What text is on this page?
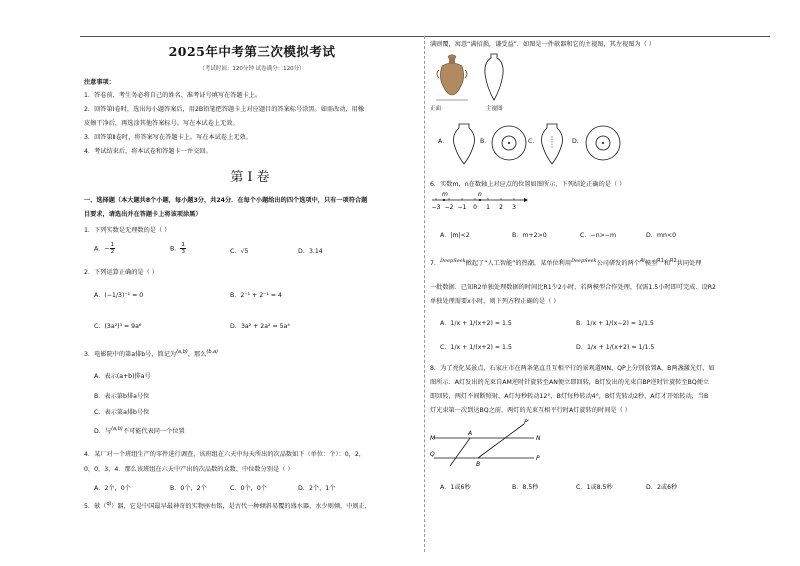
2025年中考第三次模拟考试
（考试时间：120分钟 试卷满分：120分）
注意事项：
1．答卷前，考生务必将自己的姓名、准考证号填写在答题卡上。
2．回答第Ⅰ卷时，选出每小题答案后，用2B铅笔把答题卡上对应题目的答案标号涂黑。如需改动，用橡
皮擦干净后，再选涂其他答案标号。写在本试卷上无效。
3．回答第Ⅱ卷时，将答案写在答题卡上。写在本试卷上无效。
4．考试结束后，将本试卷和答题卡一并交回。
第Ⅰ卷
一、选择题（本大题共8个小题，每小题3分，共24分．在每个小题给出的四个选项中，只有一项符合题
目要求，请选出并在答题卡上将该项涂黑）
1．下列实数是无理数的是（ ）
A．− $\frac{1}{2}$	B． $\frac{1}{3}$	C．√5	D．3.14
2．下列运算正确的是（ ）
A．(−1/3)⁻¹ = 0	B．2⁻¹ + 2⁻¹ = 4
C．(3a²)³ = 9a⁶	D．3a² + 2a² = 5a⁴
3．电影院中的第a排b号，简记为$^{(a,b)}$，那么$^{(b,a)}$
A．表示(a+b)排a号
B．表示第b排a号位
C．表示第a排b号位
D．与$^{(a,b)}$不可能代表同一个位置
4．某厂对一个班组生产的零件进行调查，该班组在六天中每天所出的次品数如下（单位：个）：0，2，
0，0，3，4．那么该班组在六天中产出的次品数的众数、中位数分别是（ ）
A．2个，0个	B．0个，2个	C．0个，0个	D．2个，1个
5．欹（$^{qī}$）器，它是中国最早最神奇的实物座右铭，是古代一种倾斜易覆的盛水器，水少则倾，中则正，
满则覆，寓意“满招损，谦受益”．如图是一件欹器和它的主视图，其左视图为（ ）
正面	主视图
A．	B．	C．	D．
6．实数m，n在数轴上对应点的位置如图所示，下列结论正确的是（ ）
−3 −2 −1 0 1 2 3
m	n
A．|m|<2	B．m+2>0	C．−n>−m	D．mn<0
7．$^{DeepSeek}$掀起了“人工智能”的热潮，某单位利用$^{DeepSeek}$公司研发的两个$^{AI}$模型$^{R1}$和$^{R2}$共同处理
一批数据．已知R2单独处理数据的时间比R1少2小时，若两模型合作处理，仅需1.5小时即可完成．设R2
单独处理需要x小时，则下列方程正确的是（ ）
A．1/x + 1/(x+2) = 1.5	B．1/x + 1/(x−2) = 1/1.5
C．1/x + 1/(x+2) = 1.5	D．1/x + 1/(x+2) = 1/1.5
8．为了亮化某景点，石家庄市在两条笔直且互相平行的景观道MN、QP上分别放置A、B两盏激光灯，如
图所示．A灯发出的光束自AM逆时针旋转至AN便立即回转，B灯发出的光束自BP逆时针旋转至BQ便立
即回转，两灯不间断照射，A灯每秒转动12°，B灯每秒转动4°，B灯先转动2秒，A灯才开始转动，当B
灯光束第一次到达BQ之前，两灯的光束互相平行时A灯旋转的时间是（ ）
M	N
Q
P
A
B
P′
A．1或6秒	B．8.5秒	C．1或8.5秒	D．2或6秒
